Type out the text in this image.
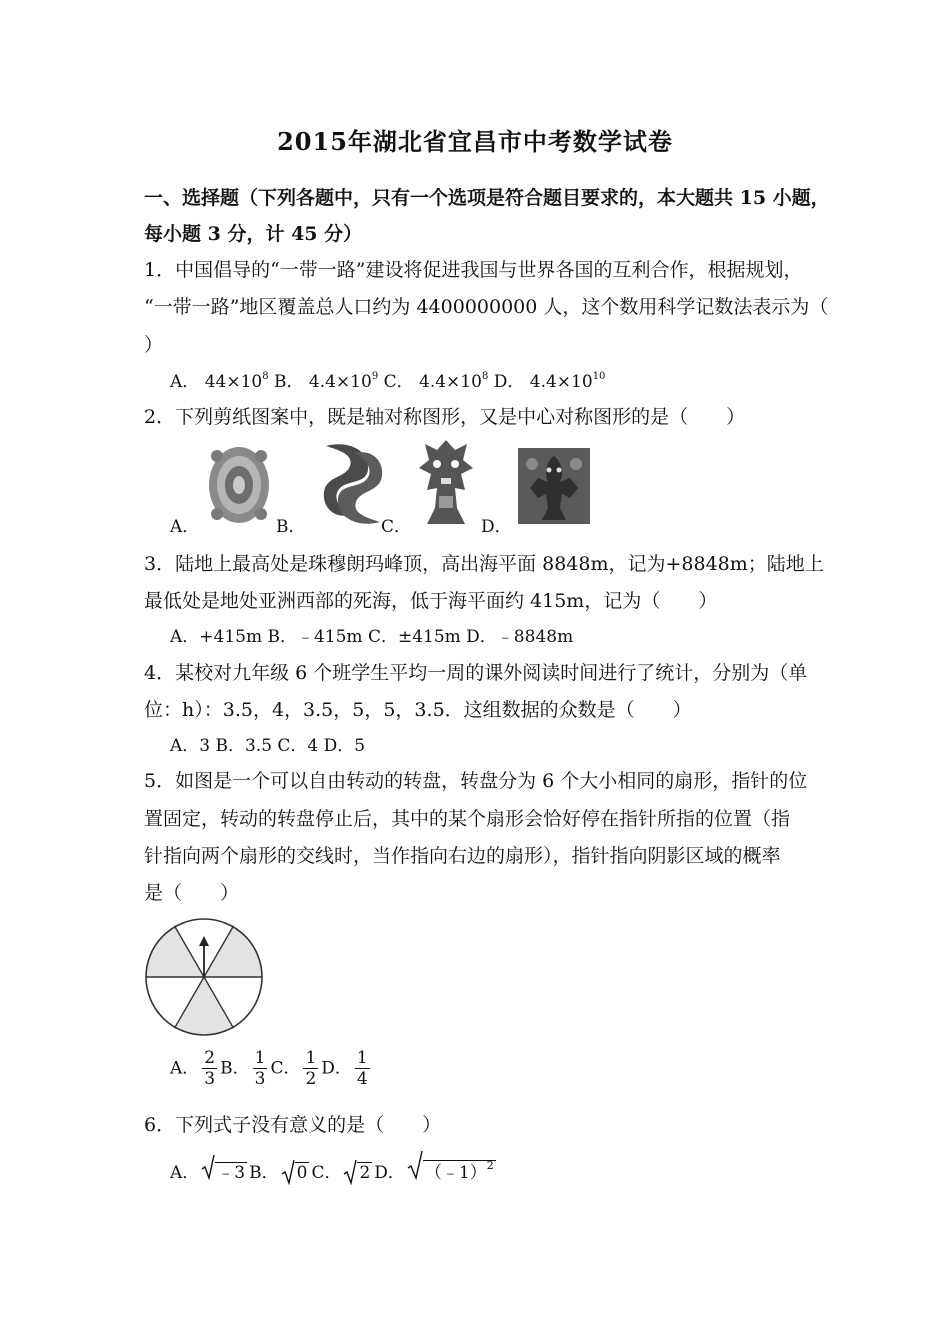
2015年湖北省宜昌市中考数学试卷
一、选择题（下列各题中，只有一个选项是符合题目要求的，本大题共 15 小题，
每小题 3 分，计 45 分）
1．中国倡导的“一带一路”建设将促进我国与世界各国的互利合作，根据规划，
“一带一路”地区覆盖总人口约为 4400000000 人，这个数用科学记数法表示为（
）
A． $44\times 10^8$ B． $4.4\times 10^9$ C． $4.4\times 10^8$ D． $4.4\times 10^{10}$
2．下列剪纸图案中，既是轴对称图形，又是中心对称图形的是（　　）
A．	B．	C．	D．
3．陆地上最高处是珠穆朗玛峰顶，高出海平面 8848m，记为+8848m；陆地上
最低处是地处亚洲西部的死海，低于海平面约 415m，记为（　　）
A．+415m B．﹣415m C．±415m D．﹣8848m
4．某校对九年级 6 个班学生平均一周的课外阅读时间进行了统计，分别为（单
位：h）：3.5，4，3.5，5，5，3.5．这组数据的众数是（　　）
A．3 B．3.5 C．4 D．5
5．如图是一个可以自由转动的转盘，转盘分为 6 个大小相同的扇形，指针的位
置固定，转动的转盘停止后，其中的某个扇形会恰好停在指针所指的位置（指
针指向两个扇形的交线时，当作指向右边的扇形），指针指向阴影区域的概率
是（　　）
A． $\frac{2}{3}$ B． $\frac{1}{3}$ C． $\frac{1}{2}$ D． $\frac{1}{4}$
6．下列式子没有意义的是（　　）
A． ﹣3 B． 0 C． 2 D． （﹣1）$^2$
